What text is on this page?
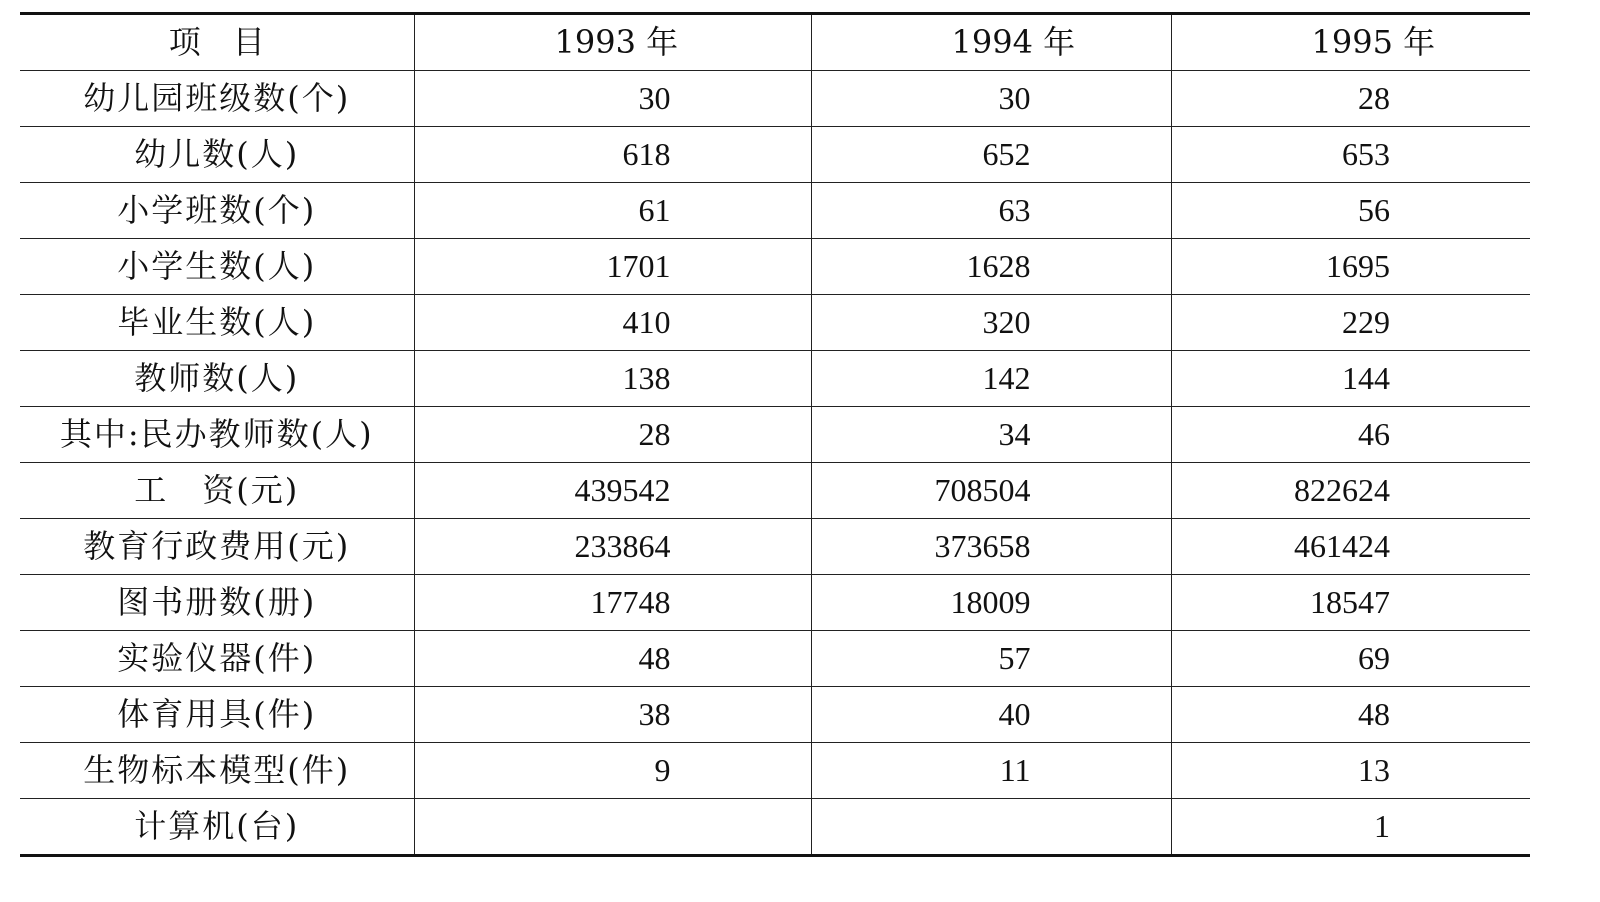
项　目	1993 年	1994 年	1995 年
幼儿园班级数(个)	30	30	28
幼儿数(人)	618	652	653
小学班数(个)	61	63	56
小学生数(人)	1701	1628	1695
毕业生数(人)	410	320	229
教师数(人)	138	142	144
其中:民办教师数(人)	28	34	46
工　资(元)	439542	708504	822624
教育行政费用(元)	233864	373658	461424
图书册数(册)	17748	18009	18547
实验仪器(件)	48	57	69
体育用具(件)	38	40	48
生物标本模型(件)	9	11	13
计算机(台)			1
